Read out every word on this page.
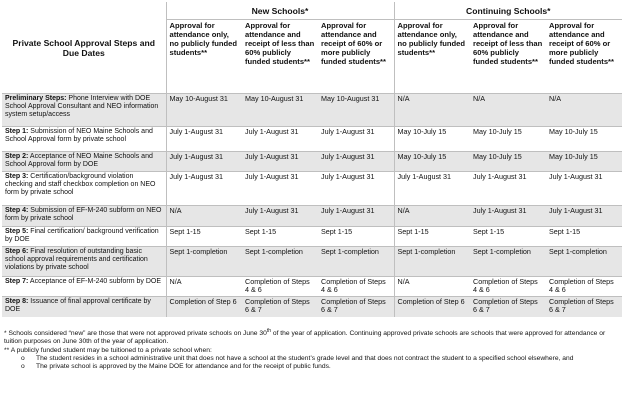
Private School Approval Steps and Due Dates	New Schools*			Continuing Schools*		
	Approval for attendance only, no publicly funded students**	Approval for attendance and receipt of less than 60% publicly funded students**	Approval for attendance and receipt of 60% or more publicly funded students**	Approval for attendance only, no publicly funded students**	Approval for attendance and receipt of less than 60% publicly funded students**	Approval for attendance and receipt of 60% or more publicly funded students**
Preliminary Steps: Phone Interview with DOE School Approval Consultant and NEO information system setup/access	May 10-August 31	May 10-August 31	May 10-August 31	N/A	N/A	N/A
Step 1: Submission of NEO Maine Schools and School Approval form by private school	July 1-August 31	July 1-August 31	July 1-August 31	May 10-July 15	May 10-July 15	May 10-July 15
Step 2: Acceptance of NEO Maine Schools and School Approval form by DOE	July 1-August 31	July 1-August 31	July 1-August 31	May 10-July 15	May 10-July 15	May 10-July 15
Step 3: Certification/background violation checking and staff checkbox completion on NEO form by private school	July 1-August 31	July 1-August 31	July 1-August 31	July 1-August 31	July 1-August 31	July 1-August 31
Step 4: Submission of EF-M-240 subform on NEO form by private school	N/A	July 1-August 31	July 1-August 31	N/A	July 1-August 31	July 1-August 31
Step 5: Final certification/ background verification by DOE	Sept 1-15	Sept 1-15	Sept 1-15	Sept 1-15	Sept 1-15	Sept 1-15
Step 6: Final resolution of outstanding basic school approval requirements and certification violations by private school	Sept 1-completion	Sept 1-completion	Sept 1-completion	Sept 1-completion	Sept 1-completion	Sept 1-completion
Step 7: Acceptance of EF-M-240 subform by DOE	N/A	Completion of Steps 4 & 6	Completion of Steps 4 & 6	N/A	Completion of Steps 4 & 6	Completion of Steps 4 & 6
Step 8: Issuance of final approval certificate by DOE	Completion of Step 6	Completion of Steps 6 & 7	Completion of Steps 6 & 7	Completion of Step 6	Completion of Steps 6 & 7	Completion of Steps 6 & 7

* Schools considered “new” are those that were not approved private schools on June 30th of the year of application. Continuing approved private schools are schools that were approved for attendance or tuition purposes on June 30th of the year of application.

** A publicly funded student may be tuitioned to a private school when:

o The student resides in a school administrative unit that does not have a school at the student’s grade level and that does not contract the student to a specified school elsewhere, and
o The private school is approved by the Maine DOE for attendance and for the receipt of public funds.
